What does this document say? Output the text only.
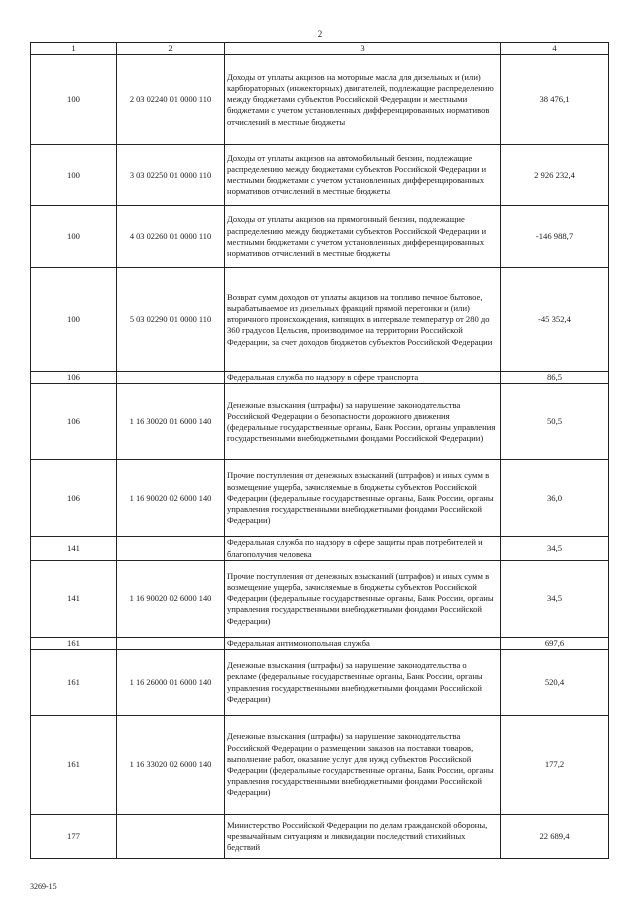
2
1	2	3	4
100	2 03 02240 01 0000 110	Доходы от уплаты акцизов на моторные масла для дизельных и (или) карбюраторных (инжекторных) двигателей, подлежащие распределению между бюджетами субъектов Российской Федерации и местными бюджетами с учетом установленных дифференцированных нормативов отчислений в местные бюджеты	38 476,1
100	3 03 02250 01 0000 110	Доходы от уплаты акцизов на автомобильный бензин, подлежащие распределению между бюджетами субъектов Российской Федерации и местными бюджетами с учетом установленных дифференцированных нормативов отчислений в местные бюджеты	2 926 232,4
100	4 03 02260 01 0000 110	Доходы от уплаты акцизов на прямогонный бензин, подлежащие распределению между бюджетами субъектов Российской Федерации и местными бюджетами с учетом установленных дифференцированных нормативов отчислений в местные бюджеты	-146 988,7
100	5 03 02290 01 0000 110	Возврат сумм доходов от уплаты акцизов на топливо печное бытовое, вырабатываемое из дизельных фракций прямой перегонки и (или) вторичного происхождения, кипящих в интервале температур от 280 до 360 градусов Цельсия, производимое на территории Российской Федерации, за счет доходов бюджетов субъектов Российской Федерации	-45 352,4
106		Федеральная служба по надзору в сфере транспорта	86,5
106	1 16 30020 01 6000 140	Денежные взыскания (штрафы) за нарушение законодательства Российской Федерации о безопасности дорожного движения (федеральные государственные органы, Банк России, органы управления государственными внебюджетными фондами Российской Федерации)	50,5
106	1 16 90020 02 6000 140	Прочие поступления от денежных взысканий (штрафов) и иных сумм в возмещение ущерба, зачисляемые в бюджеты субъектов Российской Федерации (федеральные государственные органы, Банк России, органы управления государственными внебюджетными фондами Российской Федерации)	36,0
141		Федеральная служба по надзору в сфере защиты прав потребителей и благополучия человека	34,5
141	1 16 90020 02 6000 140	Прочие поступления от денежных взысканий (штрафов) и иных сумм в возмещение ущерба, зачисляемые в бюджеты субъектов Российской Федерации (федеральные государственные органы, Банк России, органы управления государственными внебюджетными фондами Российской Федерации)	34,5
161		Федеральная антимонопольная служба	697,6
161	1 16 26000 01 6000 140	Денежные взыскания (штрафы) за нарушение законодательства о рекламе (федеральные государственные органы, Банк России, органы управления государственными внебюджетными фондами Российской Федерации)	520,4
161	1 16 33020 02 6000 140	Денежные взыскания (штрафы) за нарушение законодательства Российской Федерации о размещении заказов на поставки товаров, выполнение работ, оказание услуг для нужд субъектов Российской Федерации (федеральные государственные органы, Банк России, органы управления государственными внебюджетными фондами Российской Федерации)	177,2
177		Министерство Российской Федерации по делам гражданской обороны, чрезвычайным ситуациям и ликвидации последствий стихийных бедствий	22 689,4
3269-15
